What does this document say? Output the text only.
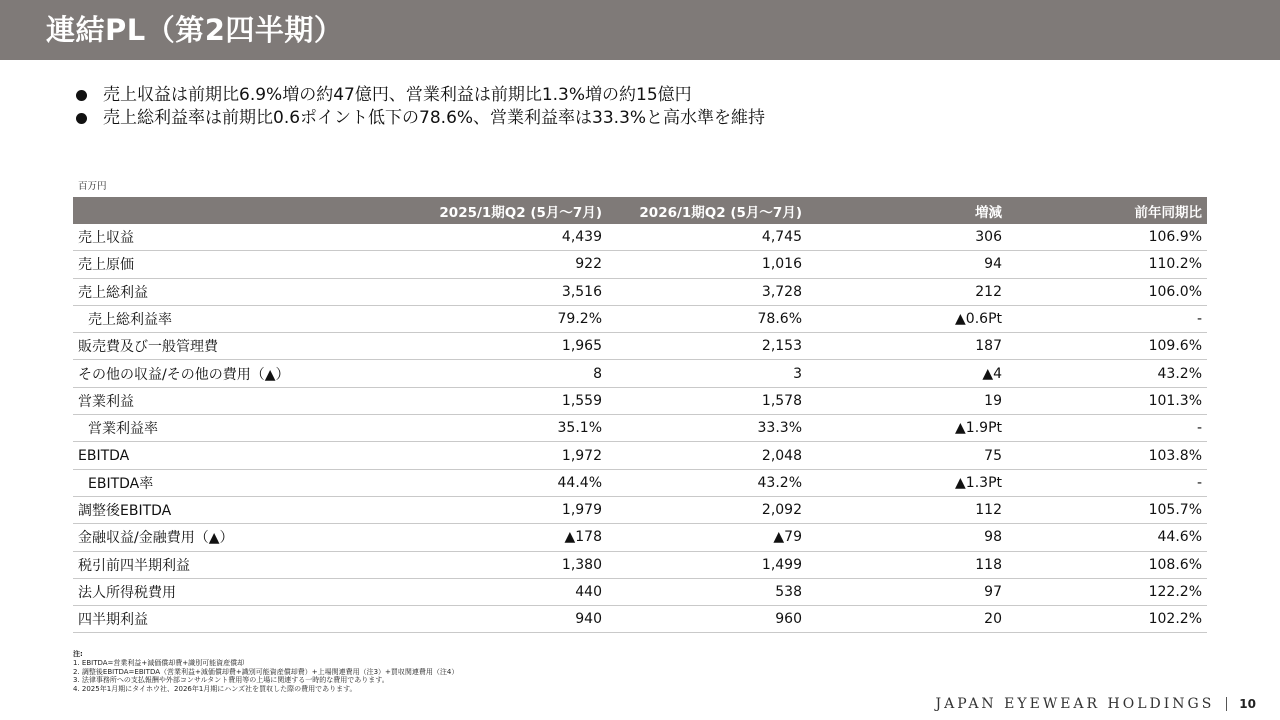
連結PL（第2四半期）
売上収益は前期比6.9%増の約47億円、営業利益は前期比1.3%増の約15億円
売上総利益率は前期比0.6ポイント低下の78.6%、営業利益率は33.3%と高水準を維持
百万円
	2025/1期Q2 (5月～7月)	2026/1期Q2 (5月～7月)	増減	前年同期比
売上収益	4,439	4,745	306	106.9%
売上原価	922	1,016	94	110.2%
売上総利益	3,516	3,728	212	106.0%
売上総利益率	79.2%	78.6%	▲0.6Pt	-
販売費及び一般管理費	1,965	2,153	187	109.6%
その他の収益/その他の費用（▲）	8	3	▲4	43.2%
営業利益	1,559	1,578	19	101.3%
営業利益率	35.1%	33.3%	▲1.9Pt	-
EBITDA	1,972	2,048	75	103.8%
EBITDA率	44.4%	43.2%	▲1.3Pt	-
調整後EBITDA	1,979	2,092	112	105.7%
金融収益/金融費用（▲）	▲178	▲79	98	44.6%
税引前四半期利益	1,380	1,499	118	108.6%
法人所得税費用	440	538	97	122.2%
四半期利益	940	960	20	102.2%
注:
1. EBITDA=営業利益+減価償却費+識別可能資産償却
2. 調整後EBITDA=EBITDA（営業利益+減価償却費+識別可能資産償却費）+上場関連費用（注3）+買収関連費用（注4）
3. 法律事務所への支払報酬や外部コンサルタント費用等の上場に関連する一時的な費用であります。
4. 2025年1月期にタイホウ社、2026年1月期にハンズ社を買収した際の費用であります。
JAPAN EYEWEAR HOLDINGS 10
